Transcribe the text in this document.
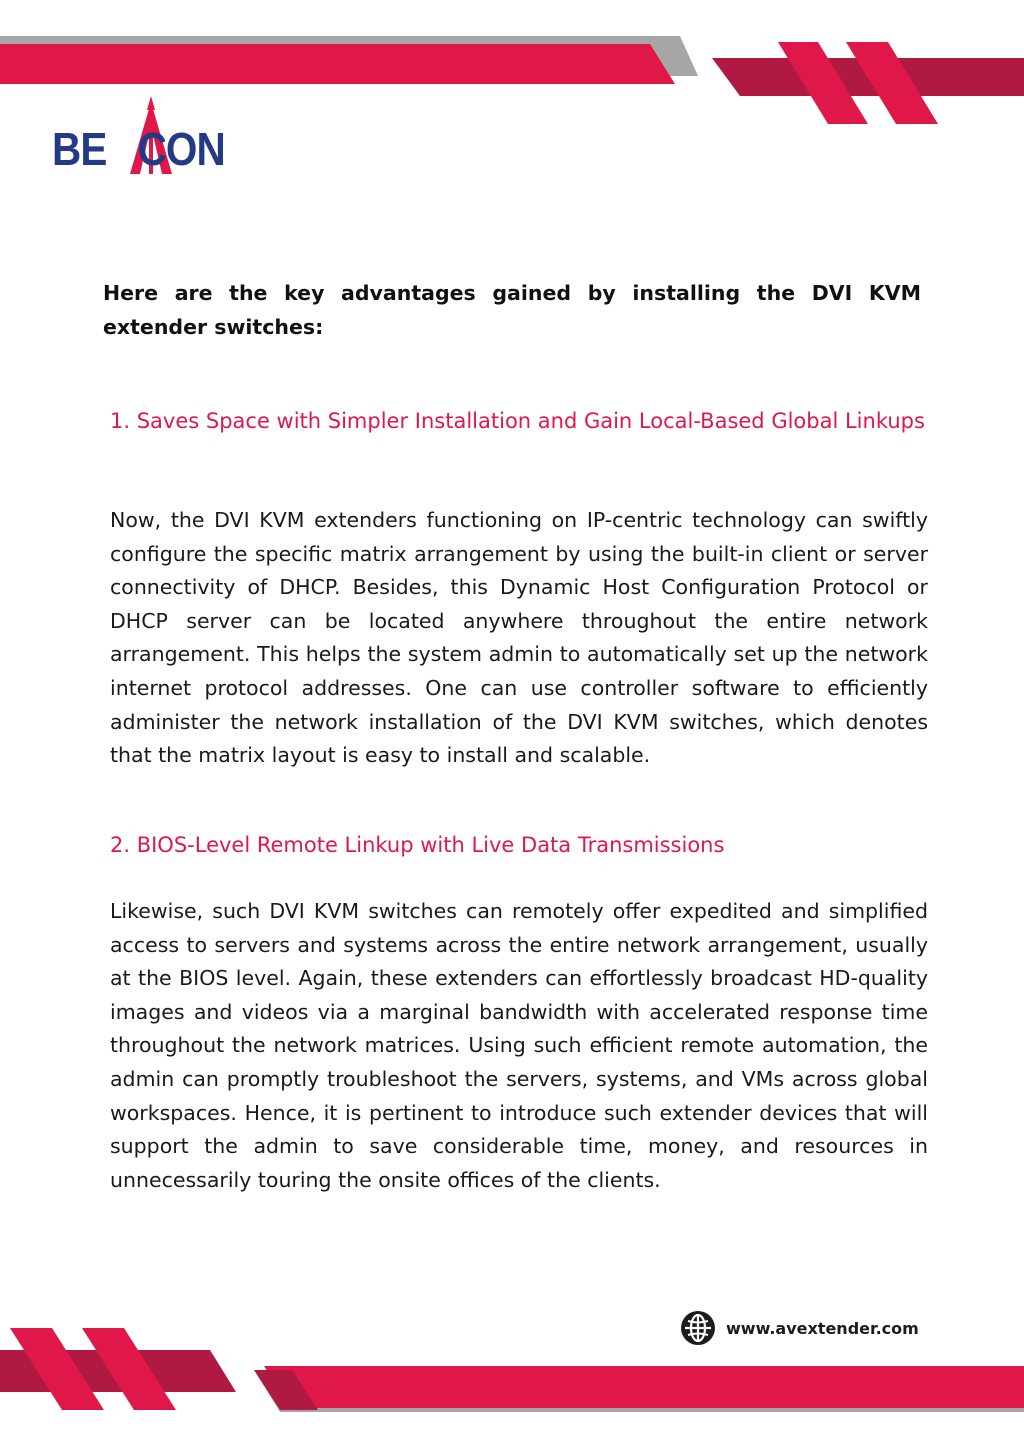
BE   CON
Here are the key advantages gained by installing the DVI KVM extender switches:
1. Saves Space with Simpler Installation and Gain Local-Based Global Linkups
Now, the DVI KVM extenders functioning on IP-centric technology can swiftly configure the specific matrix arrangement by using the built-in client or server connectivity of DHCP. Besides, this Dynamic Host Configuration Protocol or DHCP server can be located anywhere throughout the entire network arrangement. This helps the system admin to automatically set up the network internet protocol addresses. One can use controller software to efficiently administer the network installation of the DVI KVM switches, which denotes that the matrix layout is easy to install and scalable.
2. BIOS-Level Remote Linkup with Live Data Transmissions
Likewise, such DVI KVM switches can remotely offer expedited and simplified access to servers and systems across the entire network arrangement, usually at the BIOS level. Again, these extenders can effortlessly broadcast HD-quality images and videos via a marginal bandwidth with accelerated response time throughout the network matrices. Using such efficient remote automation, the admin can promptly troubleshoot the servers, systems, and VMs across global workspaces. Hence, it is pertinent to introduce such extender devices that will support the admin to save considerable time, money, and resources in unnecessarily touring the onsite offices of the clients.
www.avextender.com
